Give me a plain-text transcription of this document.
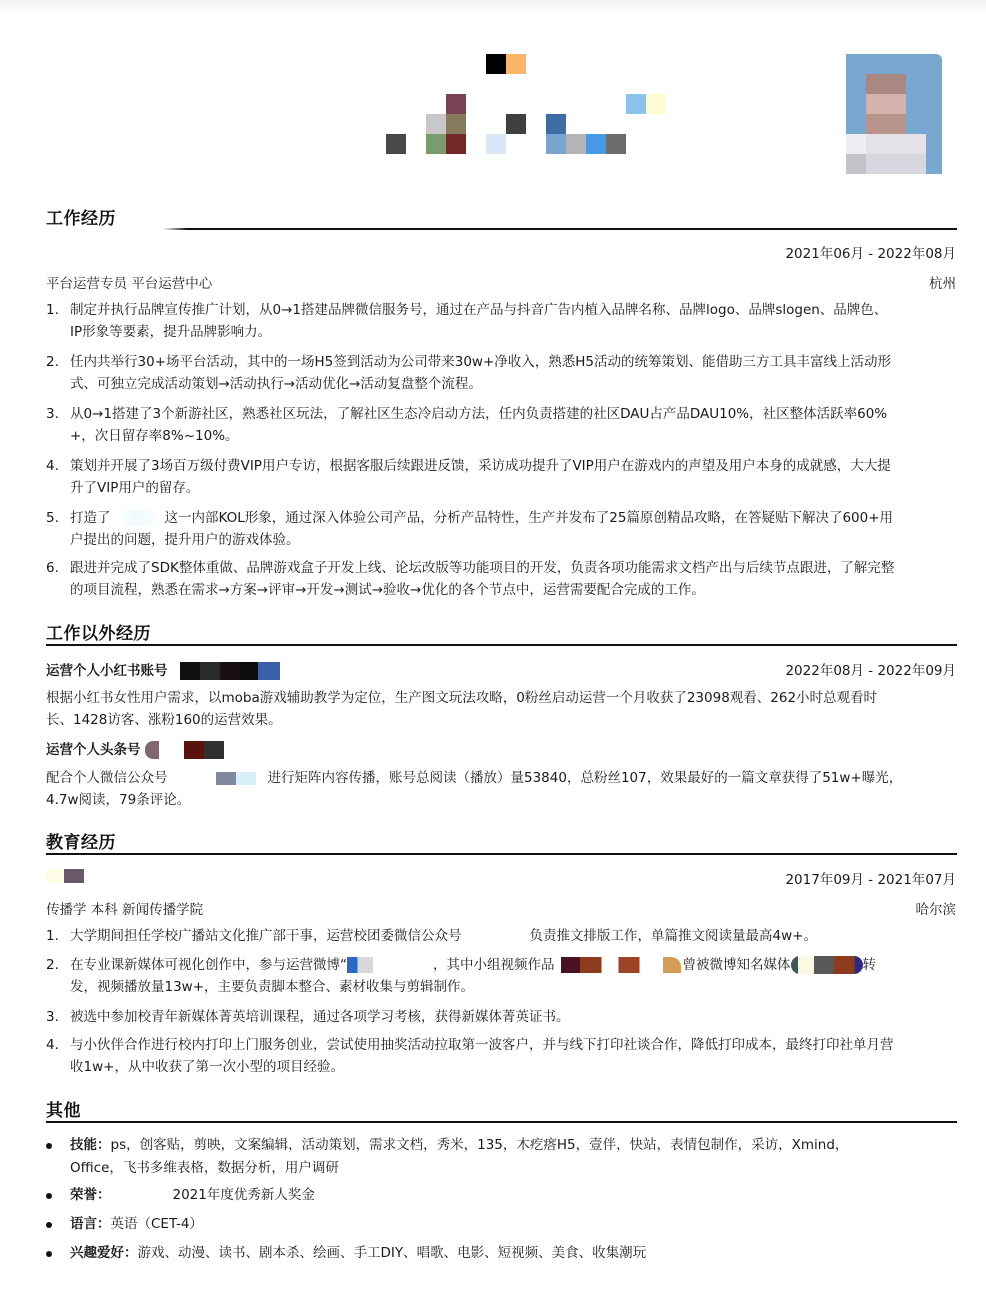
工作经历
2021年06月 - 2022年08月
平台运营专员 平台运营中心	杭州
1. 制定并执行品牌宣传推广计划，从0→1搭建品牌微信服务号，通过在产品与抖音广告内植入品牌名称、品牌logo、品牌slogen、品牌色、
IP形象等要素，提升品牌影响力。
2. 任内共举行30+场平台活动，其中的一场H5签到活动为公司带来30w+净收入，熟悉H5活动的统筹策划、能借助三方工具丰富线上活动形
式、可独立完成活动策划→活动执行→活动优化→活动复盘整个流程。
3. 从0→1搭建了3个新游社区，熟悉社区玩法，了解社区生态冷启动方法，任内负责搭建的社区DAU占产品DAU10%，社区整体活跃率60%
+，次日留存率8%~10%。
4. 策划并开展了3场百万级付费VIP用户专访，根据客服后续跟进反馈，采访成功提升了VIP用户在游戏内的声望及用户本身的成就感，大大提
升了VIP用户的留存。
5. 打造了	这一内部KOL形象，通过深入体验公司产品，分析产品特性，生产并发布了25篇原创精品攻略，在答疑贴下解决了600+用
户提出的问题，提升用户的游戏体验。
6. 跟进并完成了SDK整体重做、品牌游戏盒子开发上线、论坛改版等功能项目的开发，负责各项功能需求文档产出与后续节点跟进，了解完整
的项目流程，熟悉在需求→方案→评审→开发→测试→验收→优化的各个节点中，运营需要配合完成的工作。
工作以外经历
运营个人小红书账号	2022年08月 - 2022年09月
根据小红书女性用户需求，以moba游戏辅助教学为定位，生产图文玩法攻略，0粉丝启动运营一个月收获了23098观看、262小时总观看时
长、1428访客、涨粉160的运营效果。
运营个人头条号
配合个人微信公众号	进行矩阵内容传播，账号总阅读（播放）量53840，总粉丝107，效果最好的一篇文章获得了51w+曝光，
4.7w阅读，79条评论。
教育经历
2017年09月 - 2021年07月
传播学 本科 新闻传播学院	哈尔滨
1. 大学期间担任学校广播站文化推广部干事，运营校团委微信公众号	负责推文排版工作，单篇推文阅读量最高4w+。
2. 在专业课新媒体可视化创作中，参与运营微博“	，其中小组视频作品	曾被微博知名媒体	转
发，视频播放量13w+，主要负责脚本整合、素材收集与剪辑制作。
3. 被选中参加校青年新媒体菁英培训课程，通过各项学习考核，获得新媒体菁英证书。
4. 与小伙伴合作进行校内打印上门服务创业，尝试使用抽奖活动拉取第一波客户，并与线下打印社谈合作，降低打印成本，最终打印社单月营
收1w+，从中收获了第一次小型的项目经验。
其他
技能：ps，创客贴，剪映，文案编辑，活动策划，需求文档，秀米，135，木疙瘩H5，壹伴，快站，表情包制作，采访，Xmind，
Office，飞书多维表格，数据分析，用户调研
荣誉：	2021年度优秀新人奖金
语言：英语（CET-4）
兴趣爱好：游戏、动漫、读书、剧本杀、绘画、手工DIY、唱歌、电影、短视频、美食、收集潮玩
